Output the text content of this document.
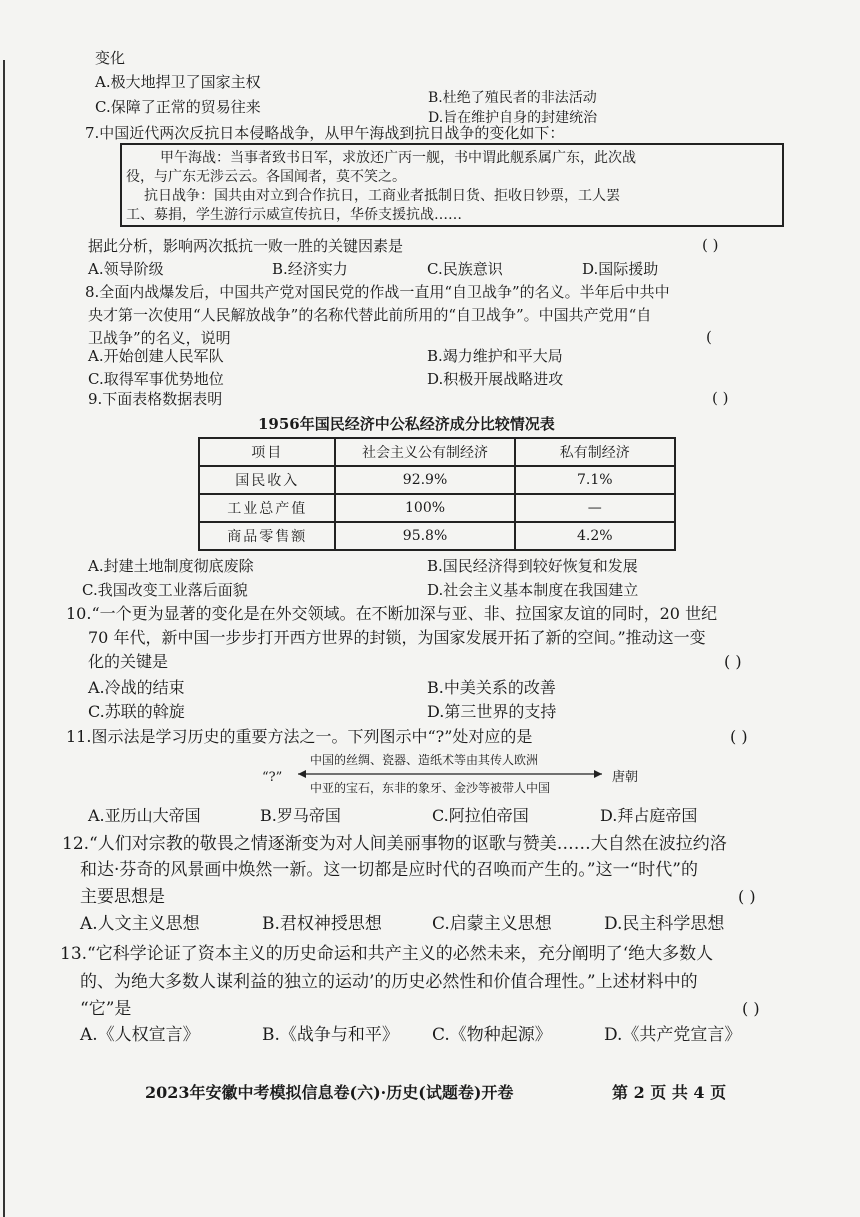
变化
A.极大地捍卫了国家主权
B.杜绝了殖民者的非法活动
C.保障了正常的贸易往来
D.旨在维护自身的封建统治
7.中国近代两次反抗日本侵略战争，从甲午海战到抗日战争的变化如下：
甲午海战：当事者致书日军，求放还广丙一舰，书中谓此舰系属广东，此次战
役，与广东无涉云云。各国闻者，莫不笑之。
抗日战争：国共由对立到合作抗日，工商业者抵制日货、拒收日钞票，工人罢
工、募捐，学生游行示威宣传抗日，华侨支援抗战……
据此分析，影响两次抵抗一败一胜的关键因素是	( )
A.领导阶级	B.经济实力	C.民族意识	D.国际援助
8.全面内战爆发后，中国共产党对国民党的作战一直用“自卫战争”的名义。半年后中共中
央才第一次使用“人民解放战争”的名称代替此前所用的“自卫战争”。中国共产党用“自
卫战争”的名义，说明	(
A.开始创建人民军队	B.竭力维护和平大局
C.取得军事优势地位	D.积极开展战略进攻
9.下面表格数据表明	( )
1956年国民经济中公私经济成分比较情况表
项目	社会主义公有制经济	私有制经济
国民收入	92.9%	7.1%
工业总产值	100%	—
商品零售额	95.8%	4.2%
A.封建土地制度彻底废除	B.国民经济得到较好恢复和发展
C.我国改变工业落后面貌	D.社会主义基本制度在我国建立
10.“一个更为显著的变化是在外交领域。在不断加深与亚、非、拉国家友谊的同时，20 世纪
70 年代，新中国一步步打开西方世界的封锁，为国家发展开拓了新的空间。”推动这一变
化的关键是	( )
A.冷战的结束	B.中美关系的改善
C.苏联的斡旋	D.第三世界的支持
11.图示法是学习历史的重要方法之一。下列图示中“?”处对应的是	( )
“?”
中国的丝绸、瓷器、造纸术等由其传人欧洲
中亚的宝石，东非的象牙、金沙等被带人中国
唐朝
A.亚历山大帝国	B.罗马帝国	C.阿拉伯帝国	D.拜占庭帝国
12.“人们对宗教的敬畏之情逐渐变为对人间美丽事物的讴歌与赞美……大自然在波拉约洛
和达·芬奇的风景画中焕然一新。这一切都是应时代的召唤而产生的。”这一“时代”的
主要思想是	( )
A.人文主义思想	B.君权神授思想	C.启蒙主义思想	D.民主科学思想
13.“它科学论证了资本主义的历史命运和共产主义的必然未来，充分阐明了‘绝大多数人
的、为绝大多数人谋利益的独立的运动’的历史必然性和价值合理性。”上述材料中的
“它”是	( )
A.《人权宣言》	B.《战争与和平》 C.《物种起源》	D.《共产党宣言》
2023年安徽中考模拟信息卷(六)·历史(试题卷)开卷	第 2 页 共 4 页
